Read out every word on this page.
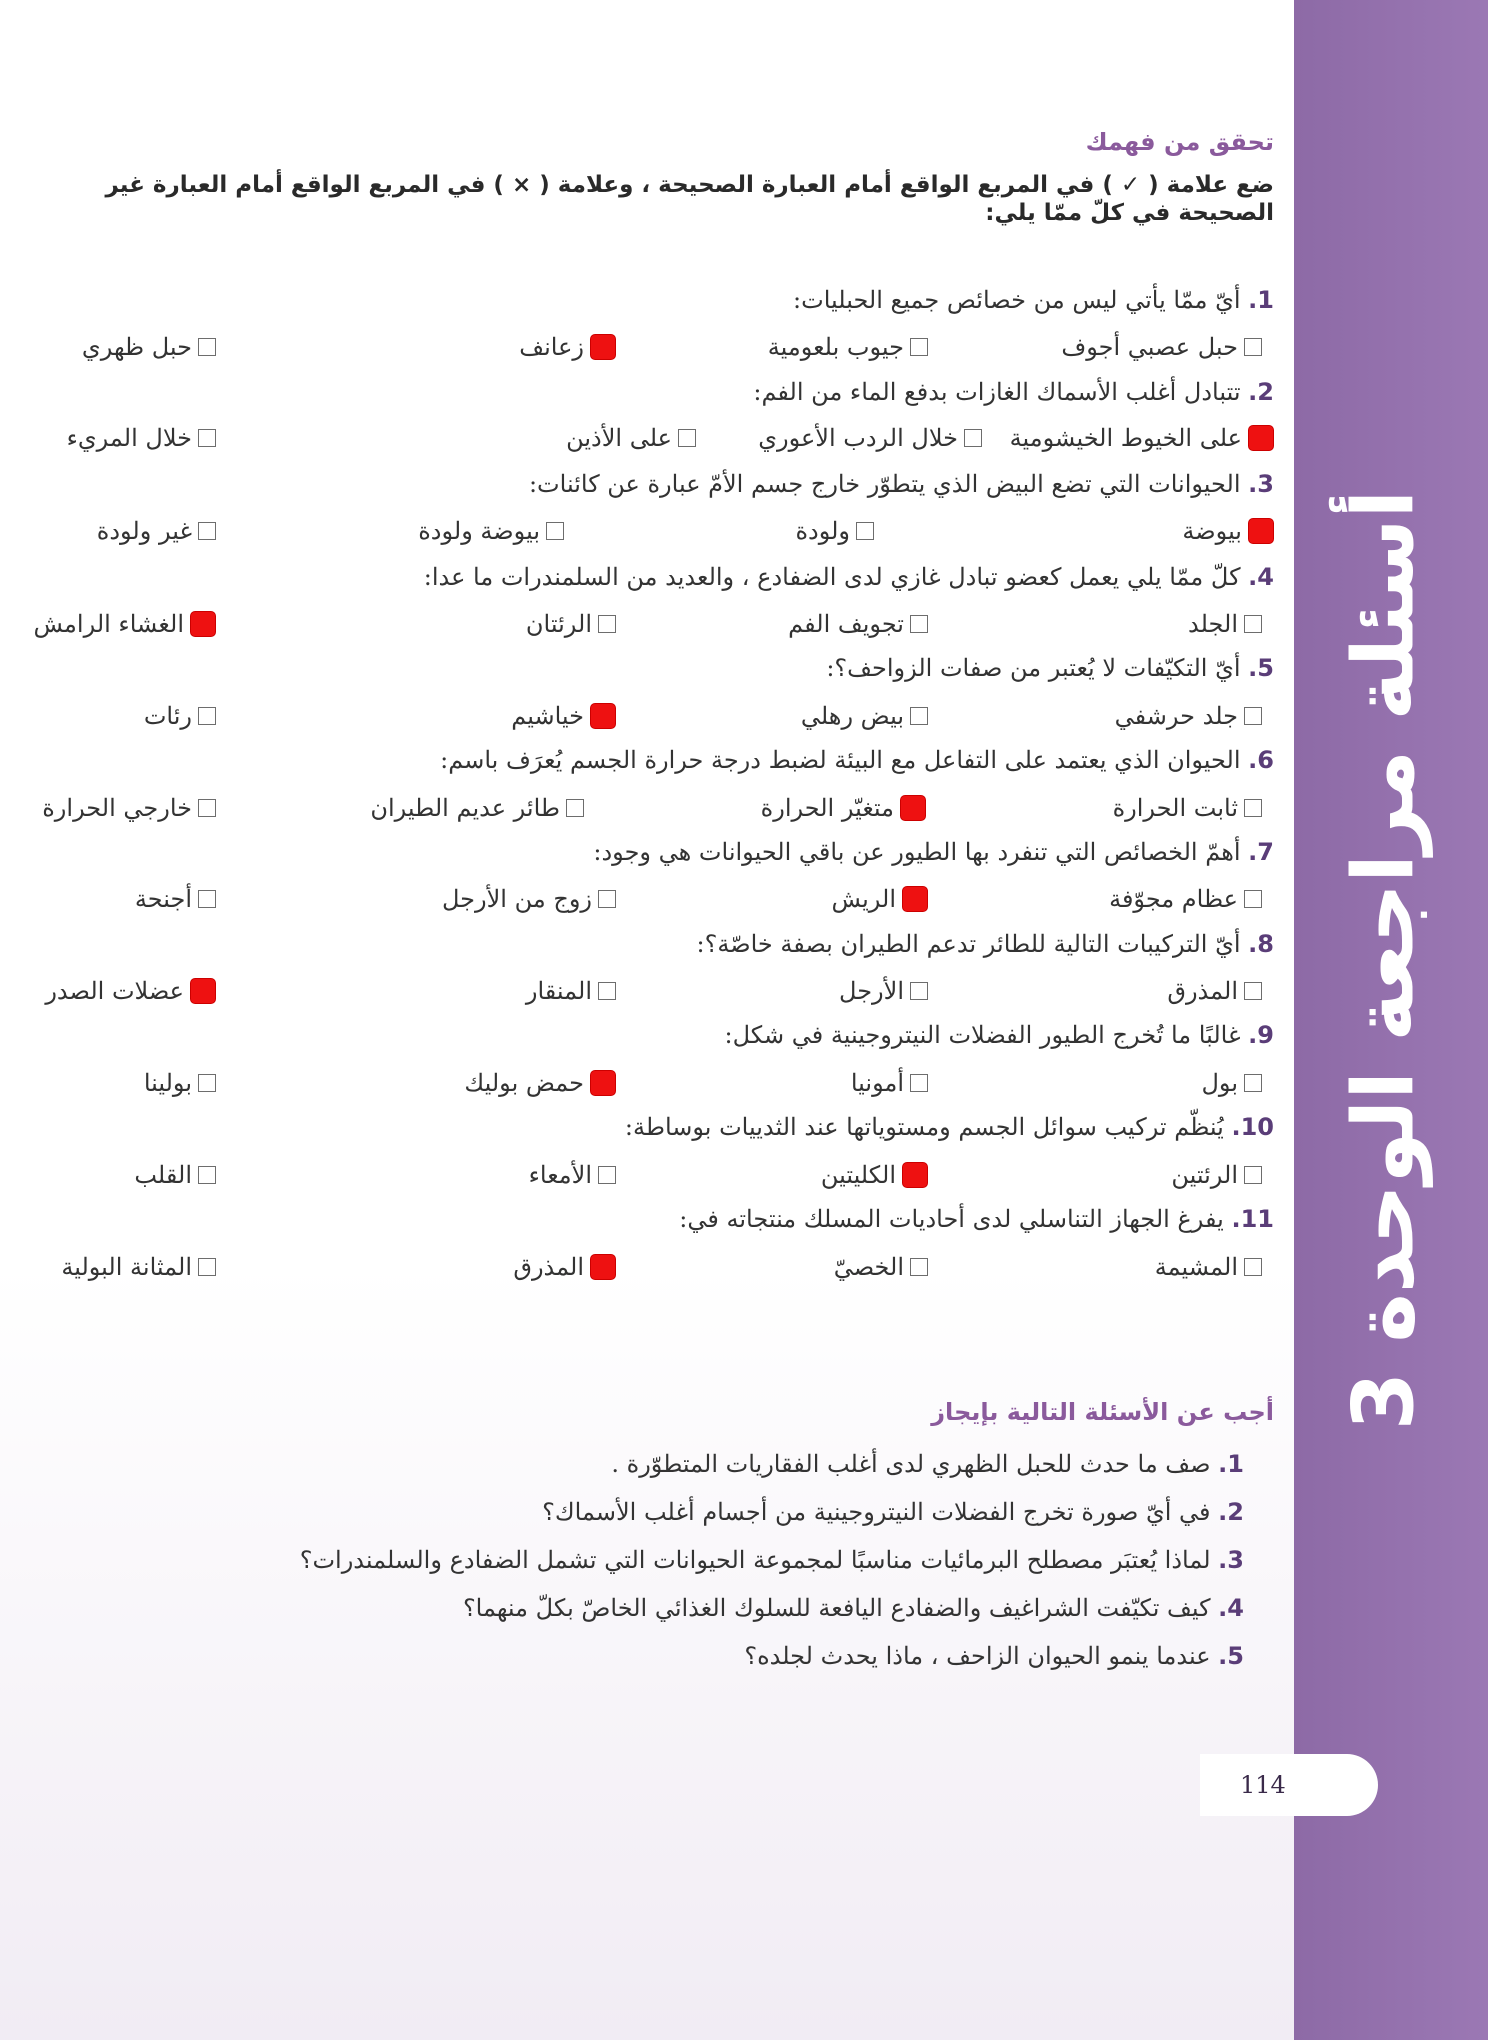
أسئلة مراجعة الوحدة 3
114
تحقق من فهمك
ضع علامة ( ✓ ) في المربع الواقع أمام العبارة الصحيحة ، وعلامة ( × ) في المربع الواقع أمام العبارة غير الصحيحة في كلّ ممّا يلي:
1. أيّ ممّا يأتي ليس من خصائص جميع الحبليات:
حبل عصبي أجوف
جيوب بلعومية
زعانف
حبل ظهري
2. تتبادل أغلب الأسماك الغازات بدفع الماء من الفم:
على الخيوط الخيشومية
خلال الردب الأعوري
على الأذين
خلال المريء
3. الحيوانات التي تضع البيض الذي يتطوّر خارج جسم الأمّ عبارة عن كائنات:
بيوضة
ولودة
بيوضة ولودة
غير ولودة
4. كلّ ممّا يلي يعمل كعضو تبادل غازي لدى الضفادع ، والعديد من السلمندرات ما عدا:
الجلد
تجويف الفم
الرئتان
الغشاء الرامش
5. أيّ التكيّفات لا يُعتبر من صفات الزواحف؟:
جلد حرشفي
بيض رهلي
خياشيم
رئات
6. الحيوان الذي يعتمد على التفاعل مع البيئة لضبط درجة حرارة الجسم يُعرَف باسم:
ثابت الحرارة
متغيّر الحرارة
طائر عديم الطيران
خارجي الحرارة
7. أهمّ الخصائص التي تنفرد بها الطيور عن باقي الحيوانات هي وجود:
عظام مجوّفة
الريش
زوج من الأرجل
أجنحة
8. أيّ التركيبات التالية للطائر تدعم الطيران بصفة خاصّة؟:
المذرق
الأرجل
المنقار
عضلات الصدر
9. غالبًا ما تُخرج الطيور الفضلات النيتروجينية في شكل:
بول
أمونيا
حمض بوليك
بولينا
10. يُنظّم تركيب سوائل الجسم ومستوياتها عند الثدييات بوساطة:
الرئتين
الكليتين
الأمعاء
القلب
11. يفرغ الجهاز التناسلي لدى أحاديات المسلك منتجاته في:
المشيمة
الخصيّ
المذرق
المثانة البولية
أجب عن الأسئلة التالية بإيجاز
1. صف ما حدث للحبل الظهري لدى أغلب الفقاريات المتطوّرة .
2. في أيّ صورة تخرج الفضلات النيتروجينية من أجسام أغلب الأسماك؟
3. لماذا يُعتبَر مصطلح البرمائيات مناسبًا لمجموعة الحيوانات التي تشمل الضفادع والسلمندرات؟
4. كيف تكيّفت الشراغيف والضفادع اليافعة للسلوك الغذائي الخاصّ بكلّ منهما؟
5. عندما ينمو الحيوان الزاحف ، ماذا يحدث لجلده؟
